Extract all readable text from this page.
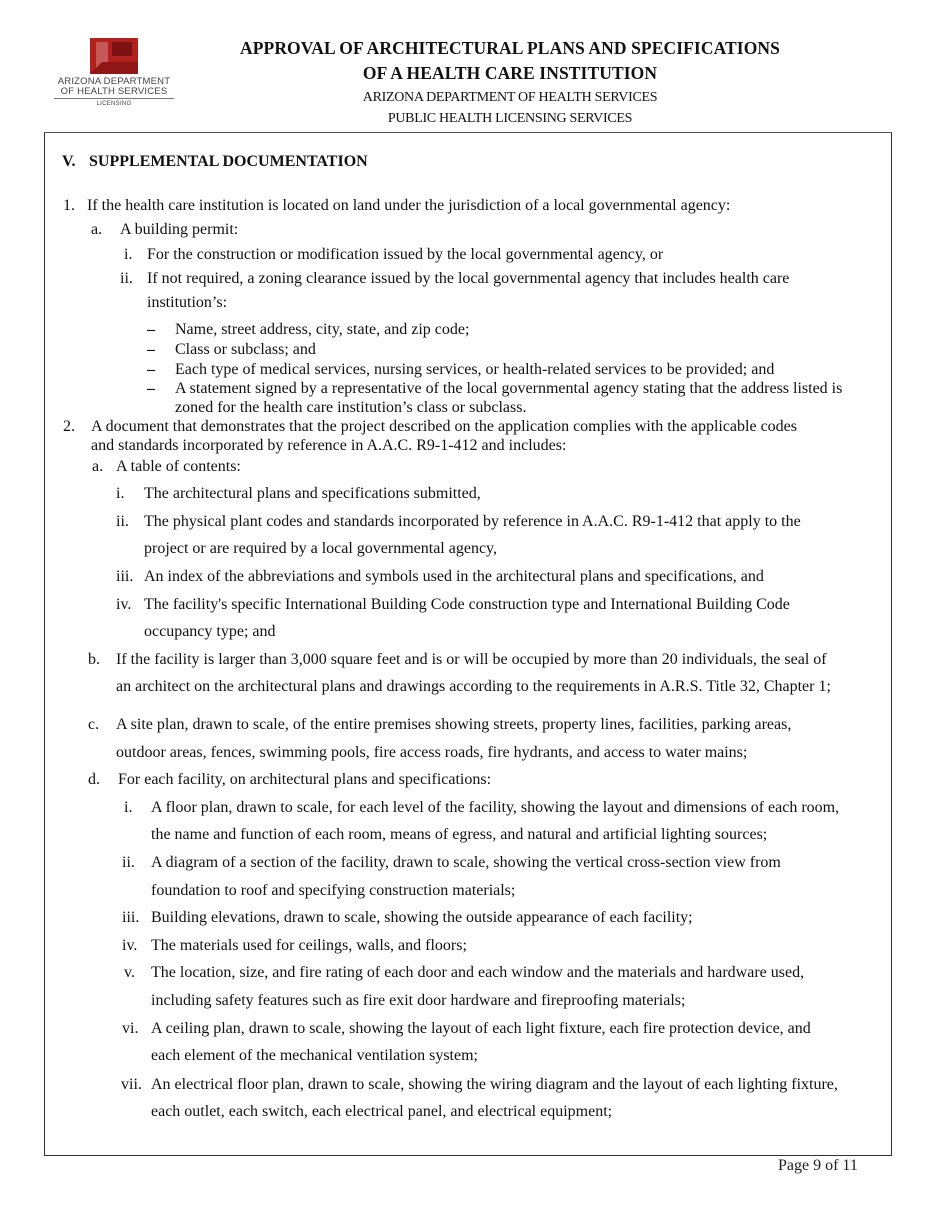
ARIZONA DEPARTMENT
OF HEALTH SERVICES
LICENSING
APPROVAL OF ARCHITECTURAL PLANS AND SPECIFICATIONS
OF A HEALTH CARE INSTITUTION
ARIZONA DEPARTMENT OF HEALTH SERVICES
PUBLIC HEALTH LICENSING SERVICES
V. SUPPLEMENTAL DOCUMENTATION
1. If the health care institution is located on land under the jurisdiction of a local governmental agency:
a. A building permit:
i. For the construction or modification issued by the local governmental agency, or
ii. If not required, a zoning clearance issued by the local governmental agency that includes health care
institution’s:
– Name, street address, city, state, and zip code;
– Class or subclass; and
– Each type of medical services, nursing services, or health-related services to be provided; and
– A statement signed by a representative of the local governmental agency stating that the address listed is
zoned for the health care institution’s class or subclass.
2. A document that demonstrates that the project described on the application complies with the applicable codes
and standards incorporated by reference in A.A.C. R9-1-412 and includes:
a. A table of contents:
i. The architectural plans and specifications submitted,
ii. The physical plant codes and standards incorporated by reference in A.A.C. R9-1-412 that apply to the
project or are required by a local governmental agency,
iii. An index of the abbreviations and symbols used in the architectural plans and specifications, and
iv. The facility's specific International Building Code construction type and International Building Code
occupancy type; and
b. If the facility is larger than 3,000 square feet and is or will be occupied by more than 20 individuals, the seal of
an architect on the architectural plans and drawings according to the requirements in A.R.S. Title 32, Chapter 1;
c. A site plan, drawn to scale, of the entire premises showing streets, property lines, facilities, parking areas,
outdoor areas, fences, swimming pools, fire access roads, fire hydrants, and access to water mains;
d. For each facility, on architectural plans and specifications:
i. A floor plan, drawn to scale, for each level of the facility, showing the layout and dimensions of each room,
the name and function of each room, means of egress, and natural and artificial lighting sources;
ii. A diagram of a section of the facility, drawn to scale, showing the vertical cross-section view from
foundation to roof and specifying construction materials;
iii. Building elevations, drawn to scale, showing the outside appearance of each facility;
iv. The materials used for ceilings, walls, and floors;
v. The location, size, and fire rating of each door and each window and the materials and hardware used,
including safety features such as fire exit door hardware and fireproofing materials;
vi. A ceiling plan, drawn to scale, showing the layout of each light fixture, each fire protection device, and
each element of the mechanical ventilation system;
vii. An electrical floor plan, drawn to scale, showing the wiring diagram and the layout of each lighting fixture,
each outlet, each switch, each electrical panel, and electrical equipment;
Page 9 of 11
